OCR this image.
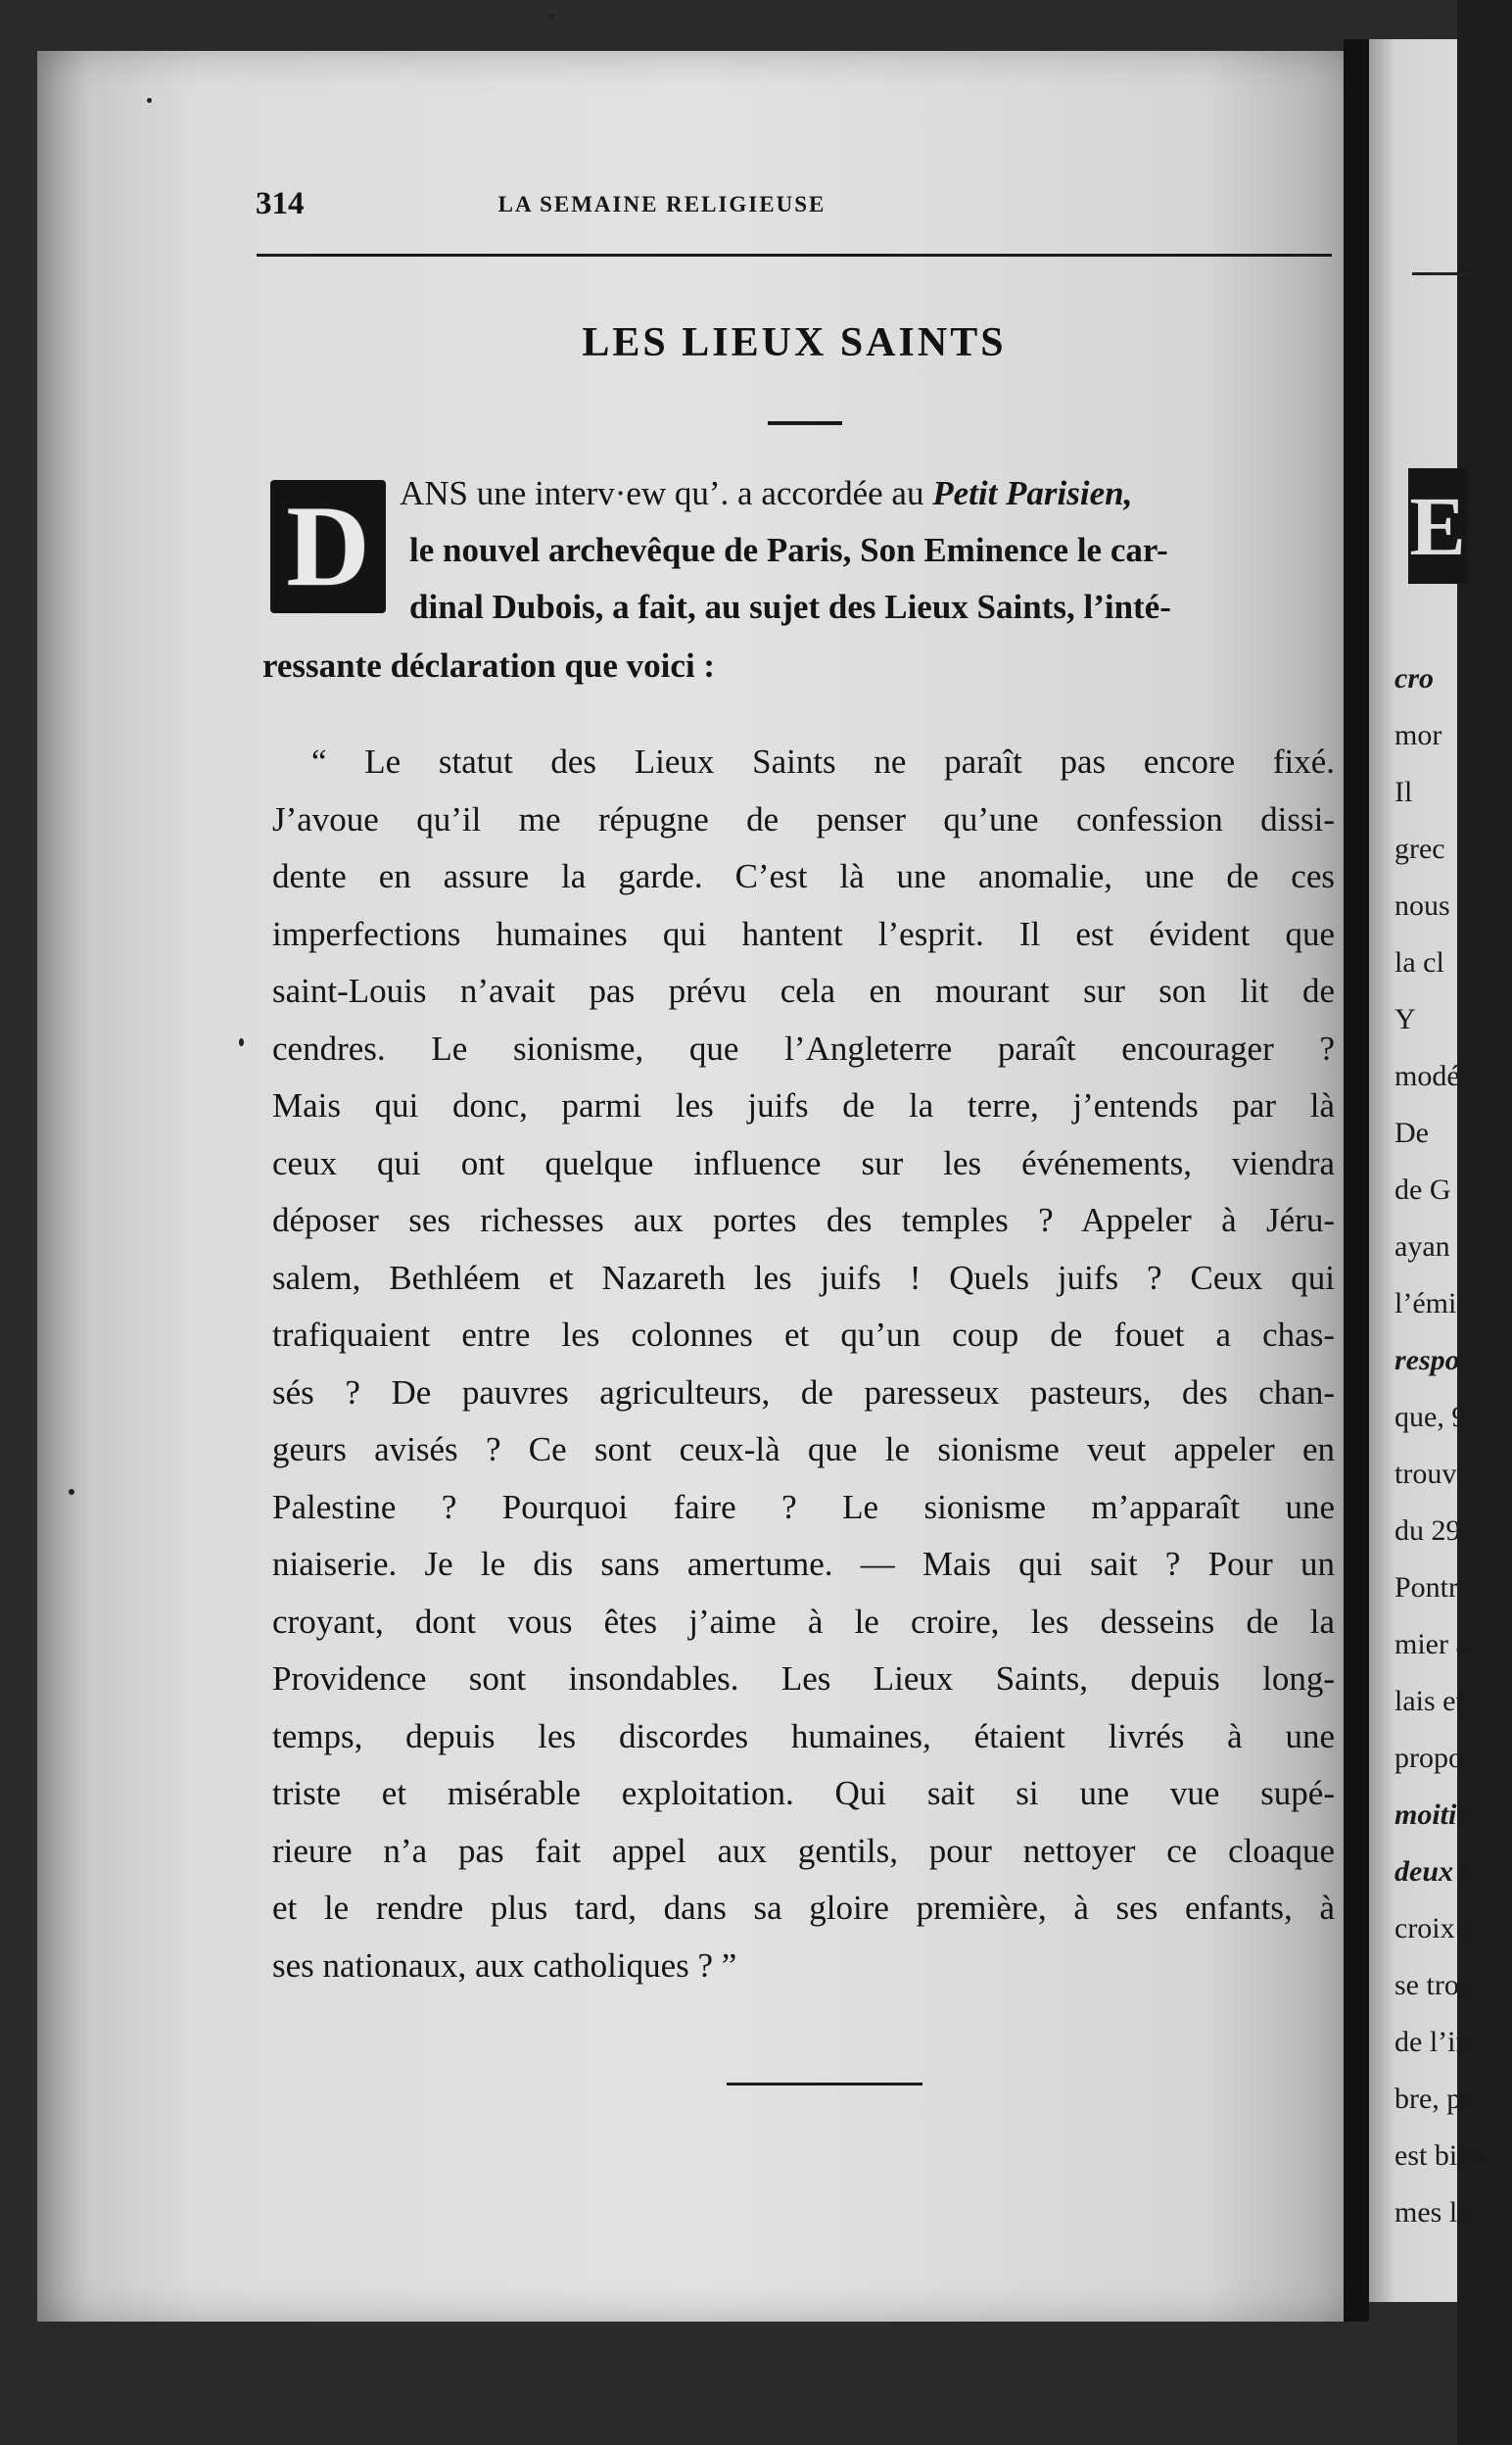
314	LA SEMAINE RELIGIEUSE
LES LIEUX SAINTS
D ANS une interv·ew qu’. a accordée au Petit Parisien,
le nouvel archevêque de Paris, Son Eminence le car-
dinal Dubois, a fait, au sujet des Lieux Saints, l’inté-
ressante déclaration que voici :
“ Le statut des Lieux Saints ne paraît pas encore fixé.
J’avoue qu’il me répugne de penser qu’une confession dissi-
dente en assure la garde. C’est là une anomalie, une de ces
imperfections humaines qui hantent l’esprit. Il est évident que
saint-Louis n’avait pas prévu cela en mourant sur son lit de
cendres. Le sionisme, que l’Angleterre paraît encourager ?
Mais qui donc, parmi les juifs de la terre, j’entends par là
ceux qui ont quelque influence sur les événements, viendra
déposer ses richesses aux portes des temples ? Appeler à Jéru-
salem, Bethléem et Nazareth les juifs ! Quels juifs ? Ceux qui
trafiquaient entre les colonnes et qu’un coup de fouet a chas-
sés ? De pauvres agriculteurs, de paresseux pasteurs, des chan-
geurs avisés ? Ce sont ceux-là que le sionisme veut appeler en
Palestine ? Pourquoi faire ? Le sionisme m’apparaît une
niaiserie. Je le dis sans amertume. — Mais qui sait ? Pour un
croyant, dont vous êtes j’aime à le croire, les desseins de la
Providence sont insondables. Les Lieux Saints, depuis long-
temps, depuis les discordes humaines, étaient livrés à une
triste et misérable exploitation. Qui sait si une vue supé-
rieure n’a pas fait appel aux gentils, pour nettoyer ce cloaque
et le rendre plus tard, dans sa gloire première, à ses enfants, à
ses nationaux, aux catholiques ? ”
E
cro
mor
Il
grec
nous
la cl
Y
modé
De
de G
ayan
l’émi
respo
que, 9
trouv
du 29
Pontr
mier a
lais et
propo
moitié
deux t
croix c
se trou
de l’in
bre, pa
est bien
mes la
